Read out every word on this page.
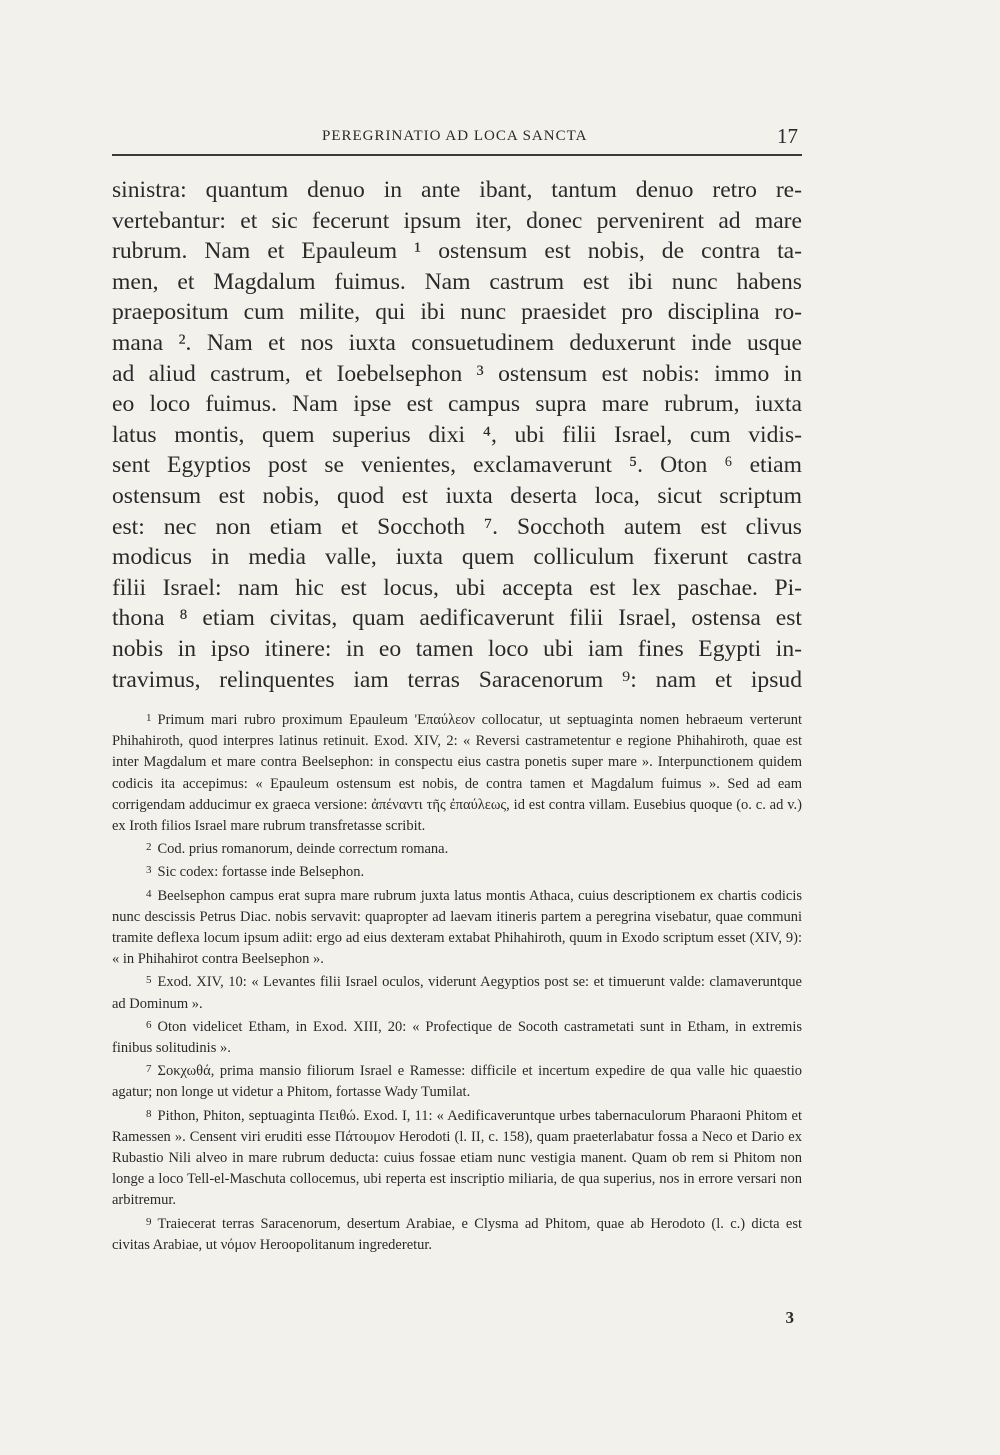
PEREGRINATIO AD LOCA SANCTA	17
sinistra: quantum denuo in ante ibant, tantum denuo retro re-
vertebantur: et sic fecerunt ipsum iter, donec pervenirent ad mare
rubrum. Nam et Epauleum ¹ ostensum est nobis, de contra ta-
men, et Magdalum fuimus. Nam castrum est ibi nunc habens
praepositum cum milite, qui ibi nunc praesidet pro disciplina ro-
mana ². Nam et nos iuxta consuetudinem deduxerunt inde usque
ad aliud castrum, et Ioebelsephon ³ ostensum est nobis: immo in
eo loco fuimus. Nam ipse est campus supra mare rubrum, iuxta
latus montis, quem superius dixi ⁴, ubi filii Israel, cum vidis-
sent Egyptios post se venientes, exclamaverunt ⁵. Oton ⁶ etiam
ostensum est nobis, quod est iuxta deserta loca, sicut scriptum
est: nec non etiam et Socchoth ⁷. Socchoth autem est clivus
modicus in media valle, iuxta quem colliculum fixerunt castra
filii Israel: nam hic est locus, ubi accepta est lex paschae. Pi-
thona ⁸ etiam civitas, quam aedificaverunt filii Israel, ostensa est
nobis in ipso itinere: in eo tamen loco ubi iam fines Egypti in-
travimus, relinquentes iam terras Saracenorum ⁹: nam et ipsud

$^1$ Primum mari rubro proximum Epauleum 'Επαύλεον collocatur, ut septuaginta nomen hebraeum verterunt Phihahiroth, quod interpres latinus retinuit. Exod. XIV, 2: « Reversi castrametentur e regione Phihahiroth, quae est inter Magdalum et mare contra Beelsephon: in conspectu eius castra ponetis super mare ». Interpunctionem quidem codicis ita accepimus: « Epauleum ostensum est nobis, de contra tamen et Magdalum fuimus ». Sed ad eam corrigendam adducimur ex graeca versione: ἀπέναντι τῆς ἐπαύλεως, id est contra villam. Eusebius quoque (o. c. ad v.) ex Iroth filios Israel mare rubrum transfretasse scribit.

$^2$ Cod. prius romanorum, deinde correctum romana.

$^3$ Sic codex: fortasse inde Belsephon.

$^4$ Beelsephon campus erat supra mare rubrum juxta latus montis Athaca, cuius descriptionem ex chartis codicis nunc descissis Petrus Diac. nobis servavit: quapropter ad laevam itineris partem a peregrina visebatur, quae communi tramite deflexa locum ipsum adiit: ergo ad eius dexteram extabat Phihahiroth, quum in Exodo scriptum esset (XIV, 9): « in Phihahirot contra Beelsephon ».

$^5$ Exod. XIV, 10: « Levantes filii Israel oculos, viderunt Aegyptios post se: et timuerunt valde: clamaveruntque ad Dominum ».

$^6$ Oton videlicet Etham, in Exod. XIII, 20: « Profectique de Socoth castrametati sunt in Etham, in extremis finibus solitudinis ».

$^7$ Σοκχωθά, prima mansio filiorum Israel e Ramesse: difficile et incertum expedire de qua valle hic quaestio agatur; non longe ut videtur a Phitom, fortasse Wady Tumilat.

$^8$ Pithon, Phiton, septuaginta Πειθώ. Exod. I, 11: « Aedificaveruntque urbes tabernaculorum Pharaoni Phitom et Ramessen ». Censent viri eruditi esse Πάτουμον Herodoti (l. II, c. 158), quam praeterlabatur fossa a Neco et Dario ex Rubastio Nili alveo in mare rubrum deducta: cuius fossae etiam nunc vestigia manent. Quam ob rem si Phitom non longe a loco Tell-el-Maschuta collocemus, ubi reperta est inscriptio miliaria, de qua superius, nos in errore versari non arbitremur.

$^9$ Traiecerat terras Saracenorum, desertum Arabiae, e Clysma ad Phitom, quae ab Herodoto (l. c.) dicta est civitas Arabiae, ut νόμον Heroopolitanum ingrederetur.

3
